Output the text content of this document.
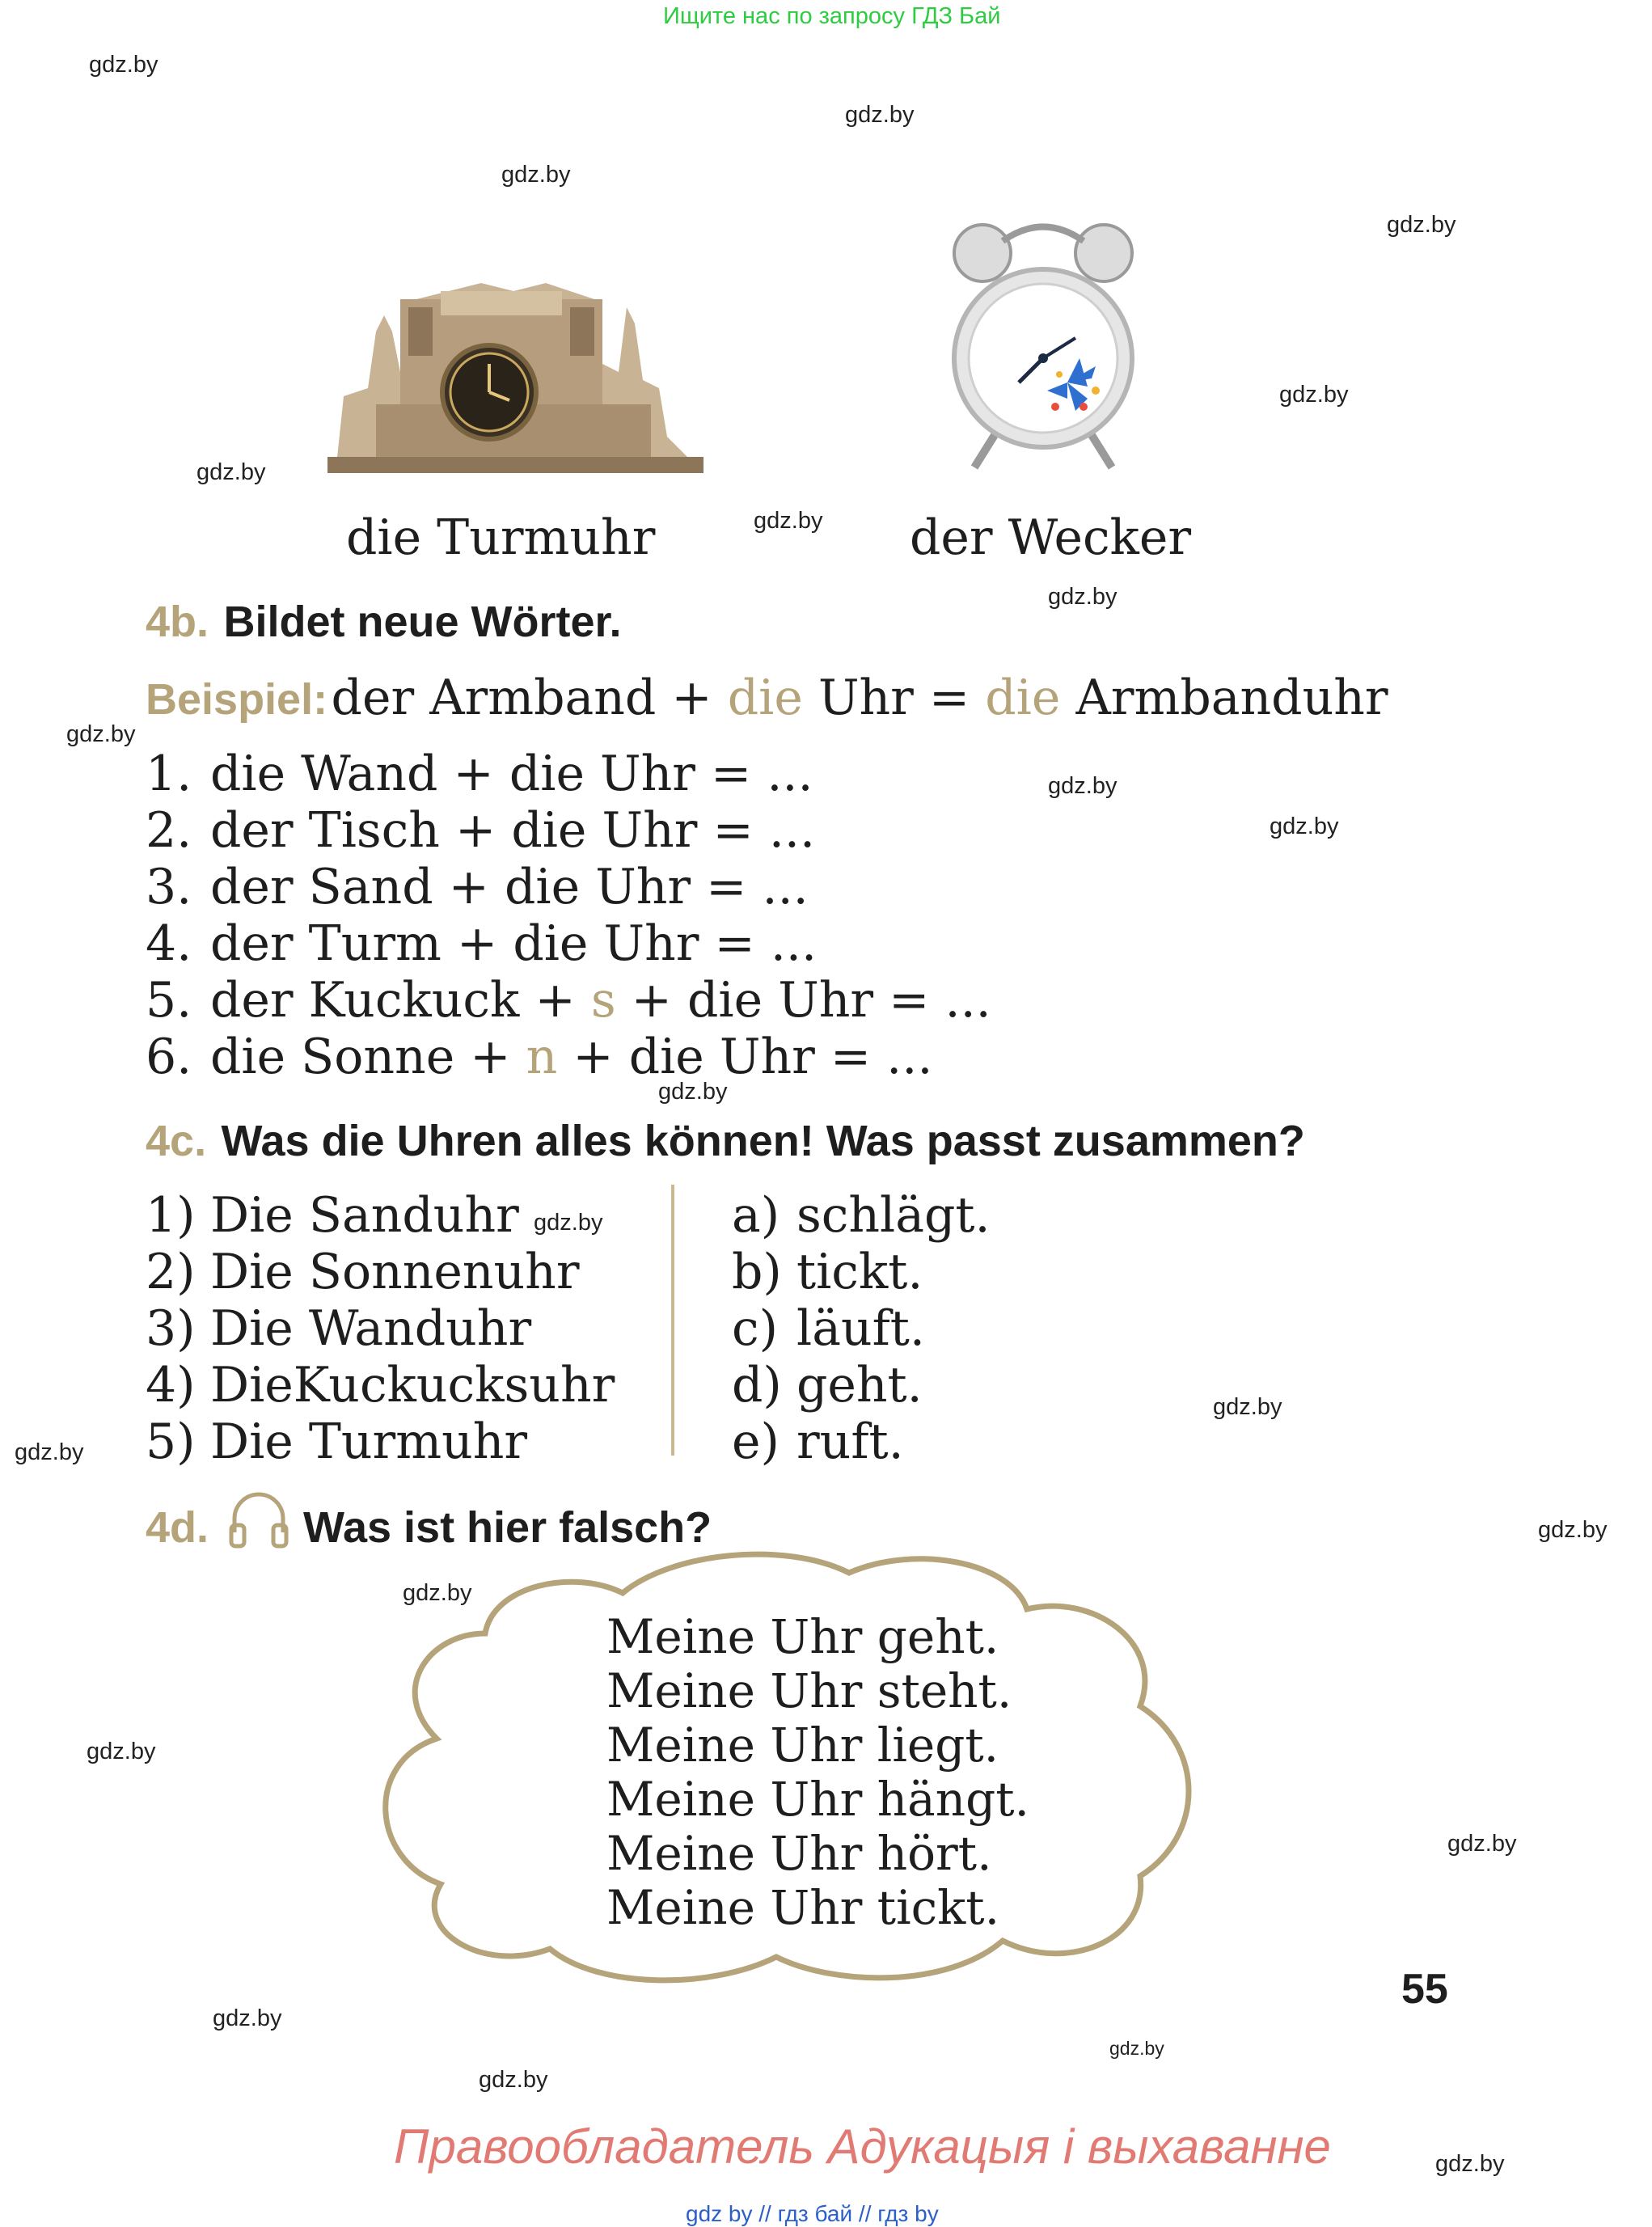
Ищите нас по запросу ГДЗ Бай
gdz.by
gdz.by
gdz.by
gdz.by
gdz.by
gdz.by
gdz.by
gdz.by
gdz.by
gdz.by
gdz.by
gdz.by
gdz.by
gdz.by
gdz.by
gdz.by
gdz.by
gdz.by
gdz.by
gdz.by
gdz.by
gdz.by
gdz.by
die Turmuhr	der Wecker
4b. Bildet neue Wörter.
Beispiel: der Armband + die Uhr = die Armbanduhr
1. die Wand + die Uhr = ...
2. der Tisch + die Uhr = ...
3. der Sand + die Uhr = ...
4. der Turm + die Uhr = ...
5. der Kuckuck + s + die Uhr = ...
6. die Sonne + n + die Uhr = ...
4c. Was die Uhren alles können! Was passt zusammen?
1) Die Sanduhr
2) Die Sonnenuhr
3) Die Wanduhr
4) DieKuckucksuhr
5) Die Turmuhr
a) schlägt.
b) tickt.
c) läuft.
d) geht.
e) ruft.
4d. Was ist hier falsch?
Meine Uhr geht.
Meine Uhr steht.
Meine Uhr liegt.
Meine Uhr hängt.
Meine Uhr hört.
Meine Uhr tickt.
55
Правообладатель Адукацыя і выхаванне
gdz by // гдз бай // гдз by
